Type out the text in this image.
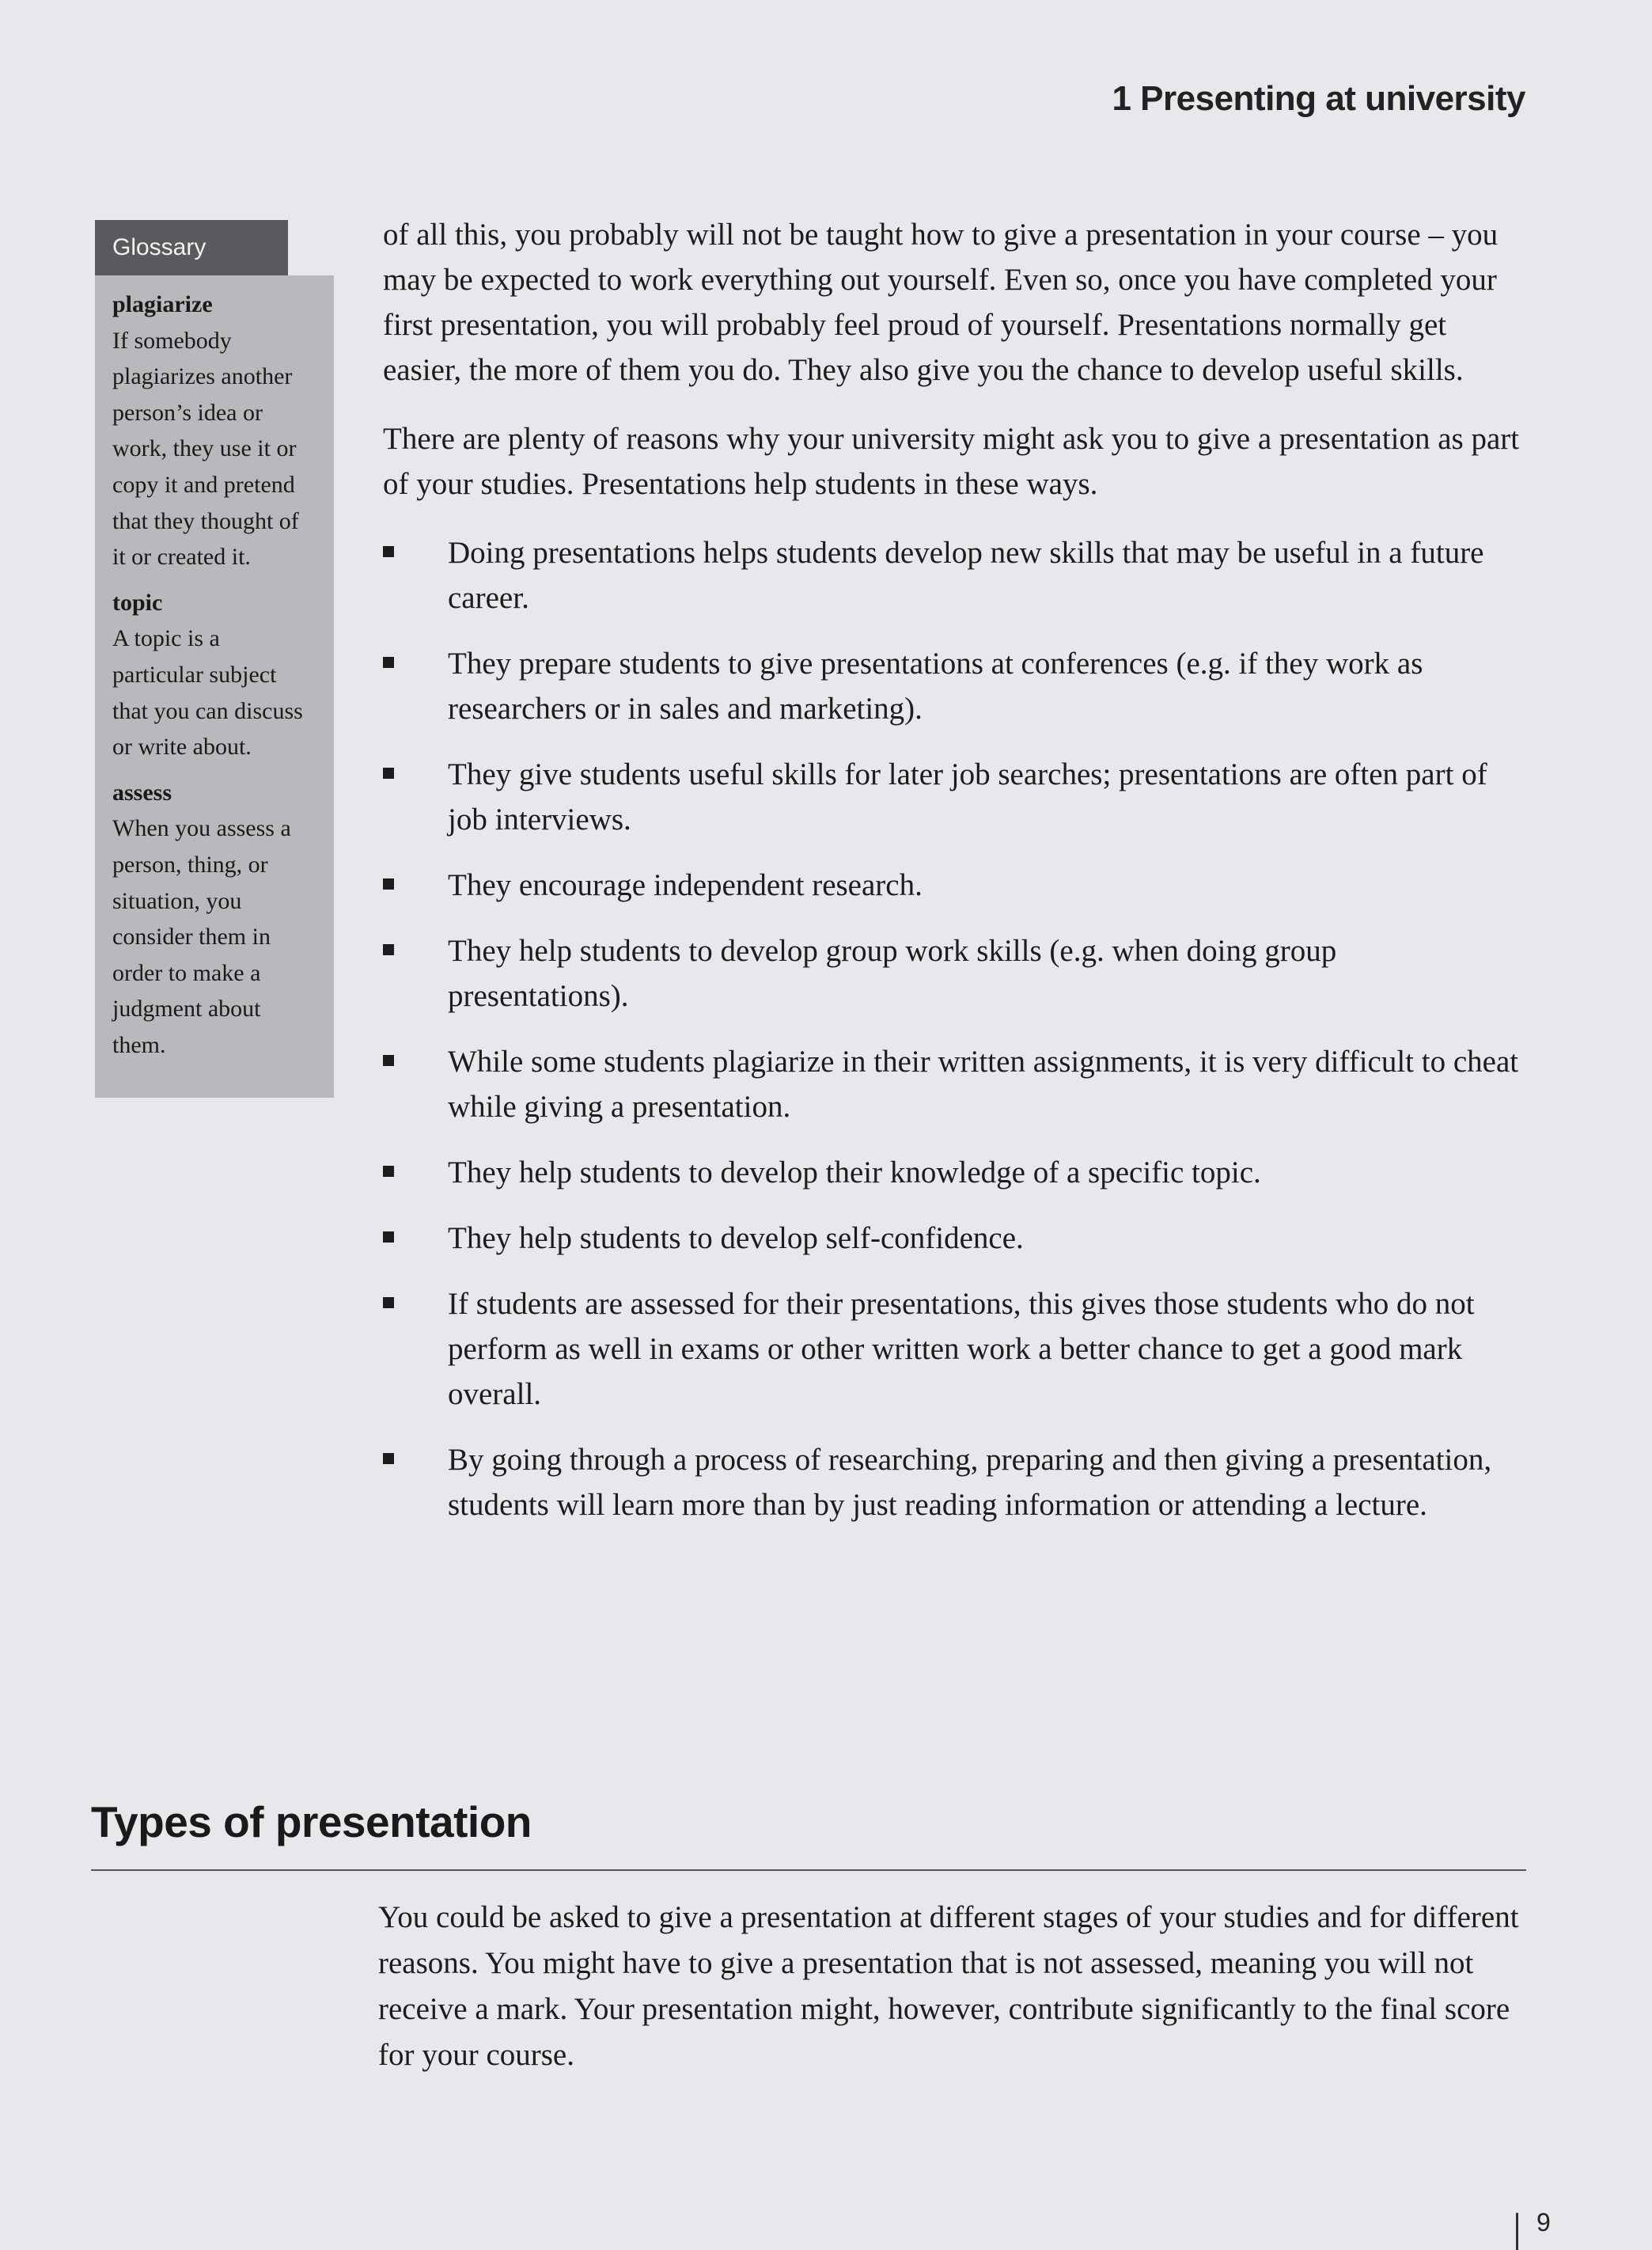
1 Presenting at university
Glossary
plagiarize
If somebody plagiarizes another person’s idea or work, they use it or copy it and pretend that they thought of it or created it.
topic
A topic is a particular subject that you can discuss or write about.
assess
When you assess a person, thing, or situation, you consider them in order to make a judgment about them.

of all this, you probably will not be taught how to give a presentation in your course – you may be expected to work everything out yourself. Even so, once you have completed your first presentation, you will probably feel proud of yourself. Presentations normally get easier, the more of them you do. They also give you the chance to develop useful skills.

There are plenty of reasons why your university might ask you to give a presentation as part of your studies. Presentations help students in these ways.

Doing presentations helps students develop new skills that may be useful in a future career.
They prepare students to give presentations at conferences (e.g. if they work as researchers or in sales and marketing).
They give students useful skills for later job searches; presentations are often part of job interviews.
They encourage independent research.
They help students to develop group work skills (e.g. when doing group presentations).
While some students plagiarize in their written assignments, it is very difficult to cheat while giving a presentation.
They help students to develop their knowledge of a specific topic.
They help students to develop self-confidence.
If students are assessed for their presentations, this gives those students who do not perform as well in exams or other written work a better chance to get a good mark overall.
By going through a process of researching, preparing and then giving a presentation, students will learn more than by just reading information or attending a lecture.
Types of presentation

You could be asked to give a presentation at different stages of your studies and for different reasons. You might have to give a presentation that is not assessed, meaning you will not receive a mark. Your presentation might, however, contribute significantly to the final score for your course.

9
